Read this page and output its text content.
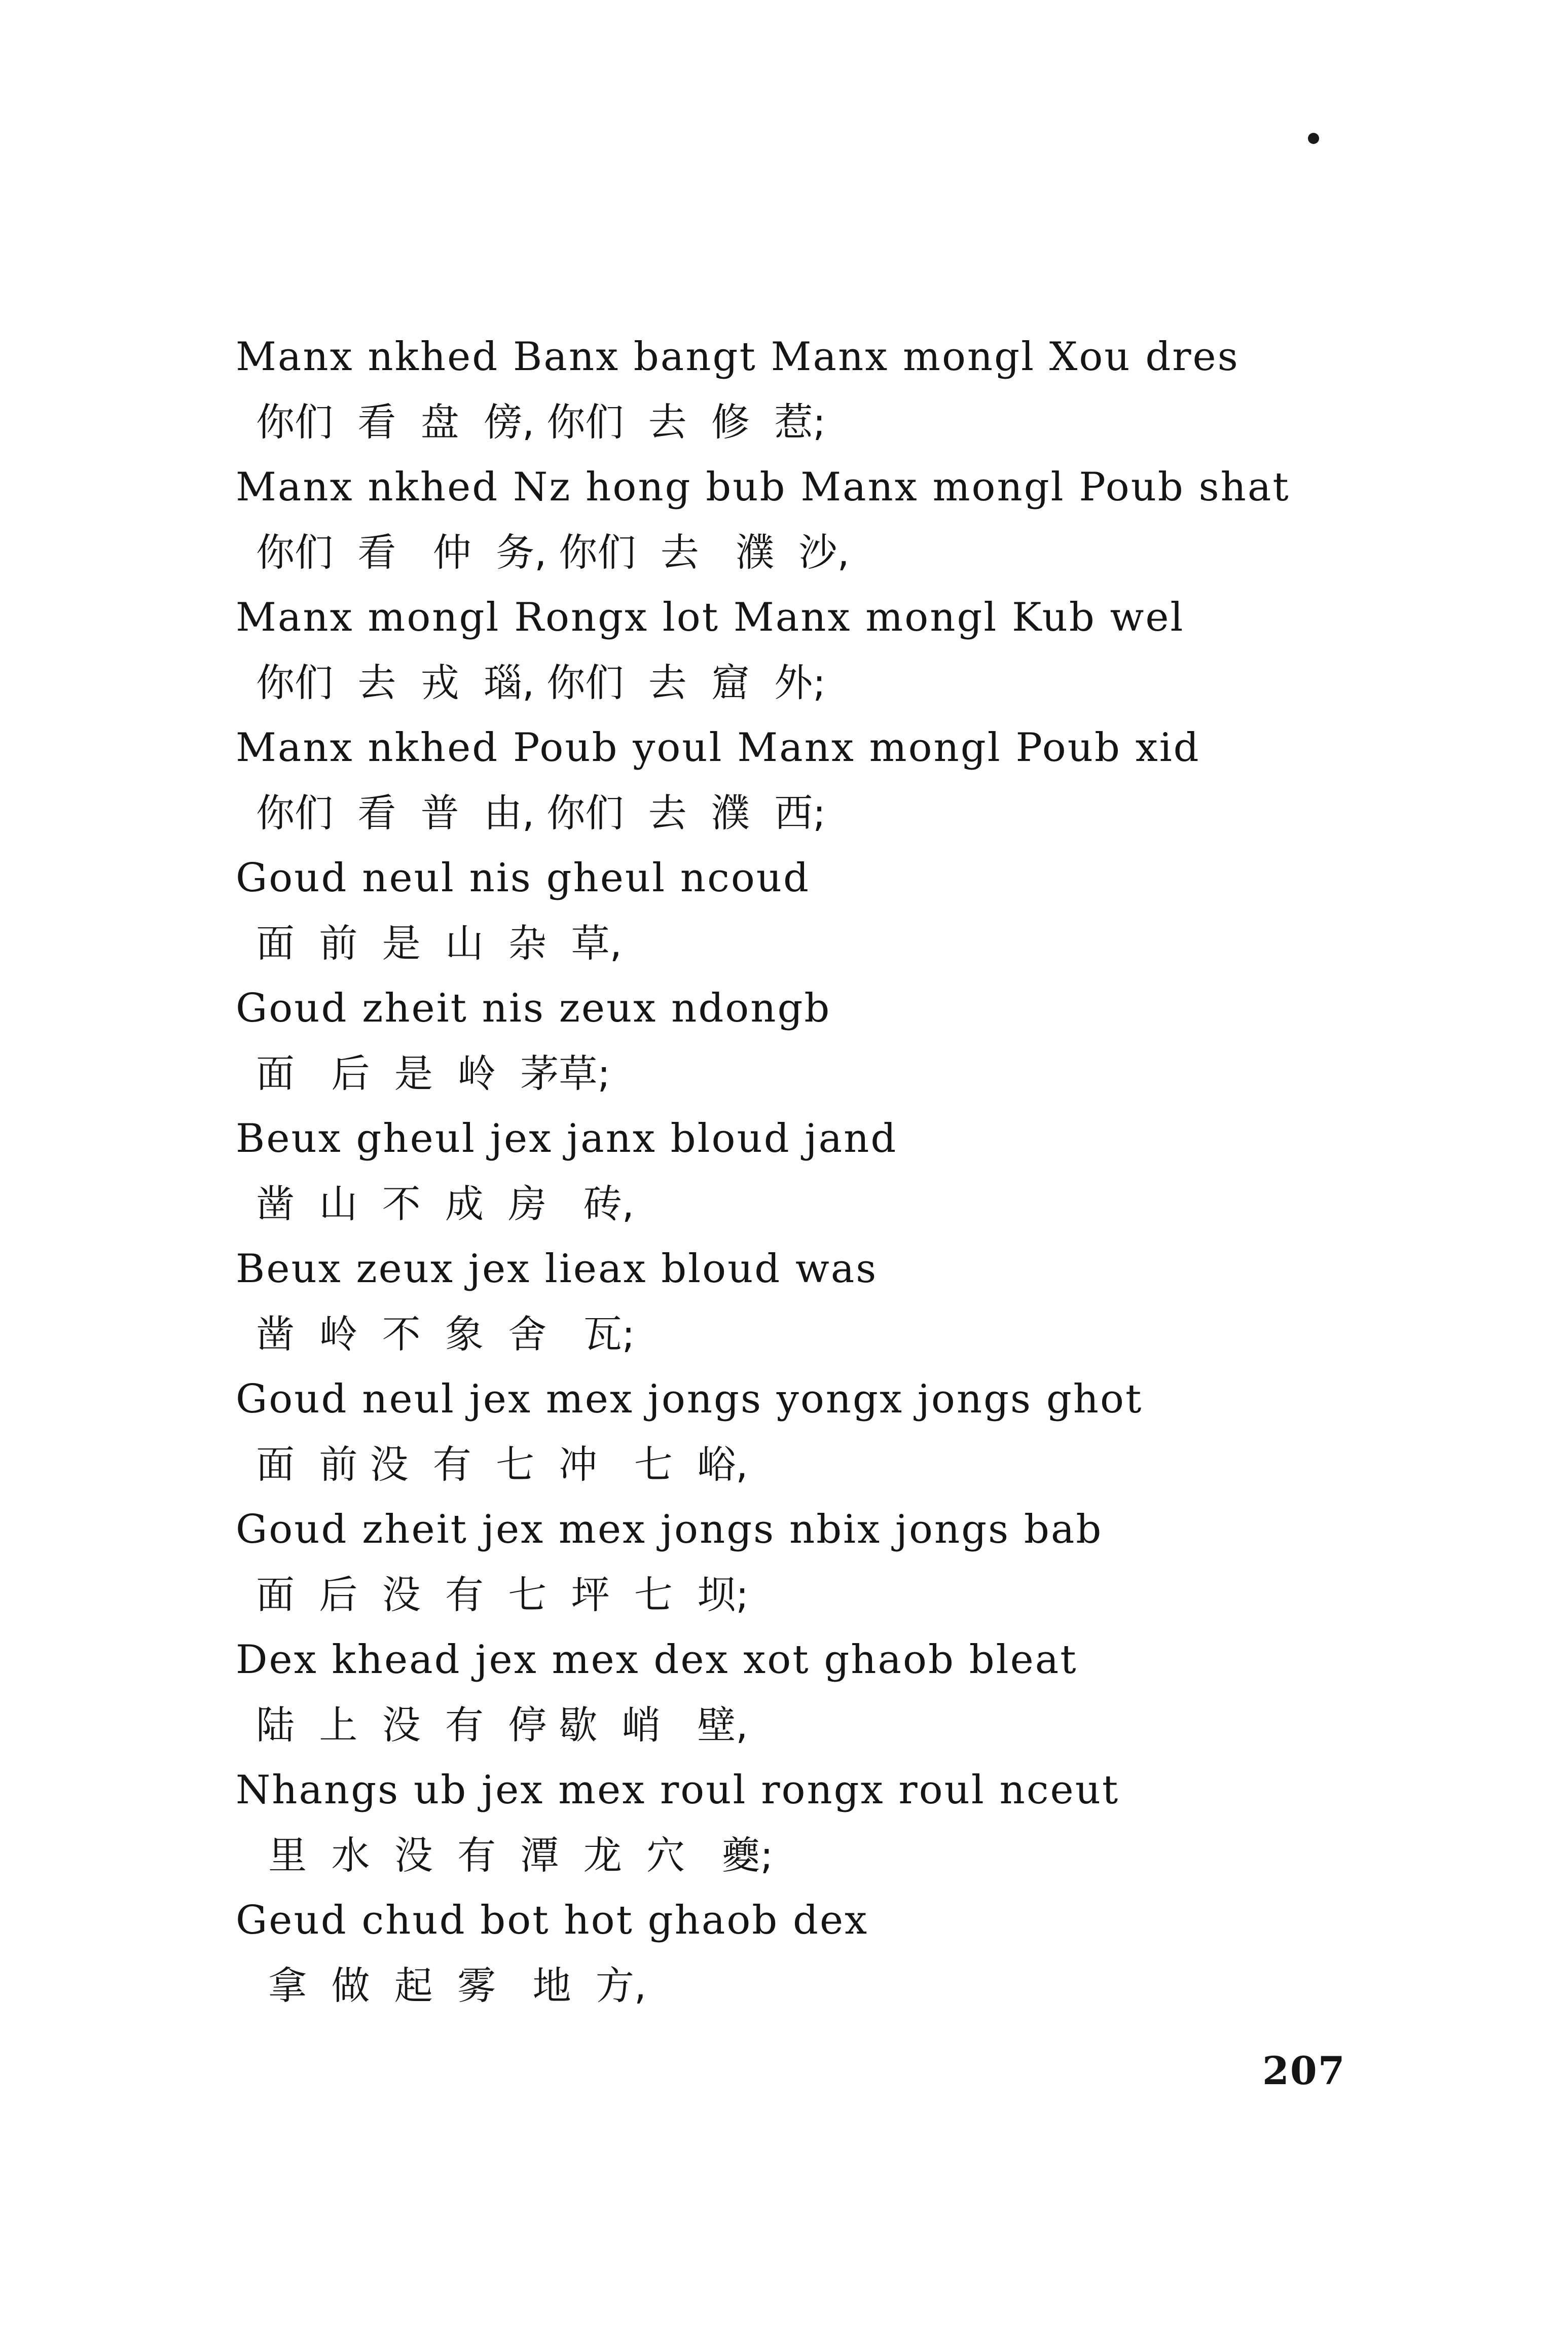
Manx nkhed Banx bangt Manx mongl Xou dres
你们  看  盘  傍, 你们  去  修  惹;
Manx nkhed Nz hong bub Manx mongl Poub shat
你们  看   仲  务, 你们  去   濮  沙,
Manx mongl Rongx lot Manx mongl Kub wel
你们  去  戎  瑙, 你们  去  窟  外;
Manx nkhed Poub youl Manx mongl Poub xid
你们  看  普  由, 你们  去  濮  西;
Goud neul nis gheul ncoud
面  前  是  山  杂  草,
Goud zheit nis zeux ndongb
面   后  是  岭  茅草;
Beux gheul jex janx bloud jand
凿  山  不  成  房   砖,
Beux zeux jex lieax bloud was
凿  岭  不  象  舍   瓦;
Goud neul jex mex jongs yongx jongs ghot
面  前 没  有  七  冲   七  峪,
Goud zheit jex mex jongs nbix jongs bab
面  后  没  有  七  坪  七  坝;
Dex khead jex mex dex xot ghaob bleat
陆  上  没  有  停 歇  峭   壁,
Nhangs ub jex mex roul rongx roul nceut
里  水  没  有  潭  龙  穴   夔;
Geud chud bot hot ghaob dex
拿  做  起  雾   地  方,
207
